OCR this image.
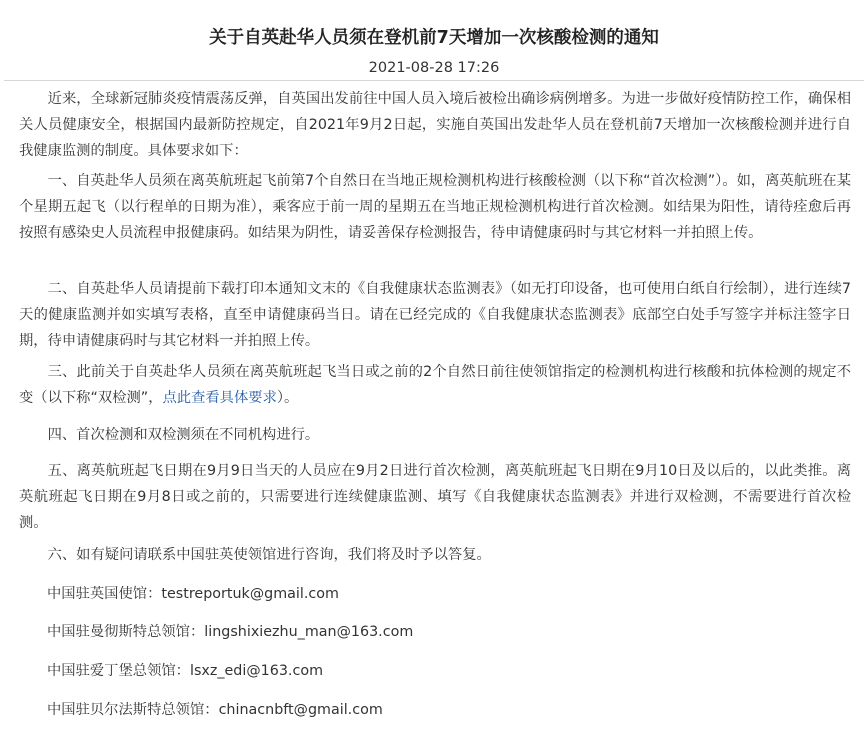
关于自英赴华人员须在登机前7天增加一次核酸检测的通知
2021-08-28 17:26

近来，全球新冠肺炎疫情震荡反弹，自英国出发前往中国人员入境后被检出确诊病例增多。为进一步做好疫情防控工作，确保相关人员健康安全，根据国内最新防控规定，自2021年9月2日起，实施自英国出发赴华人员在登机前7天增加一次核酸检测并进行自我健康监测的制度。具体要求如下：

一、自英赴华人员须在离英航班起飞前第7个自然日在当地正规检测机构进行核酸检测（以下称“首次检测”）。如，离英航班在某个星期五起飞（以行程单的日期为准），乘客应于前一周的星期五在当地正规检测机构进行首次检测。如结果为阳性，请待痊愈后再按照有感染史人员流程申报健康码。如结果为阴性，请妥善保存检测报告，待申请健康码时与其它材料一并拍照上传。

二、自英赴华人员请提前下载打印本通知文末的《自我健康状态监测表》（如无打印设备，也可使用白纸自行绘制），进行连续7天的健康监测并如实填写表格，直至申请健康码当日。请在已经完成的《自我健康状态监测表》底部空白处手写签字并标注签字日期，待申请健康码时与其它材料一并拍照上传。

三、此前关于自英赴华人员须在离英航班起飞当日或之前的2个自然日前往使领馆指定的检测机构进行核酸和抗体检测的规定不变（以下称“双检测”，点此查看具体要求）。

四、首次检测和双检测须在不同机构进行。

五、离英航班起飞日期在9月9日当天的人员应在9月2日进行首次检测，离英航班起飞日期在9月10日及以后的，以此类推。离英航班起飞日期在9月8日或之前的，只需要进行连续健康监测、填写《自我健康状态监测表》并进行双检测，不需要进行首次检测。

六、如有疑问请联系中国驻英使领馆进行咨询，我们将及时予以答复。

中国驻英国使馆：testreportuk@gmail.com

中国驻曼彻斯特总领馆：lingshixiezhu_man@163.com

中国驻爱丁堡总领馆：lsxz_edi@163.com

中国驻贝尔法斯特总领馆：chinacnbft@gmail.com
